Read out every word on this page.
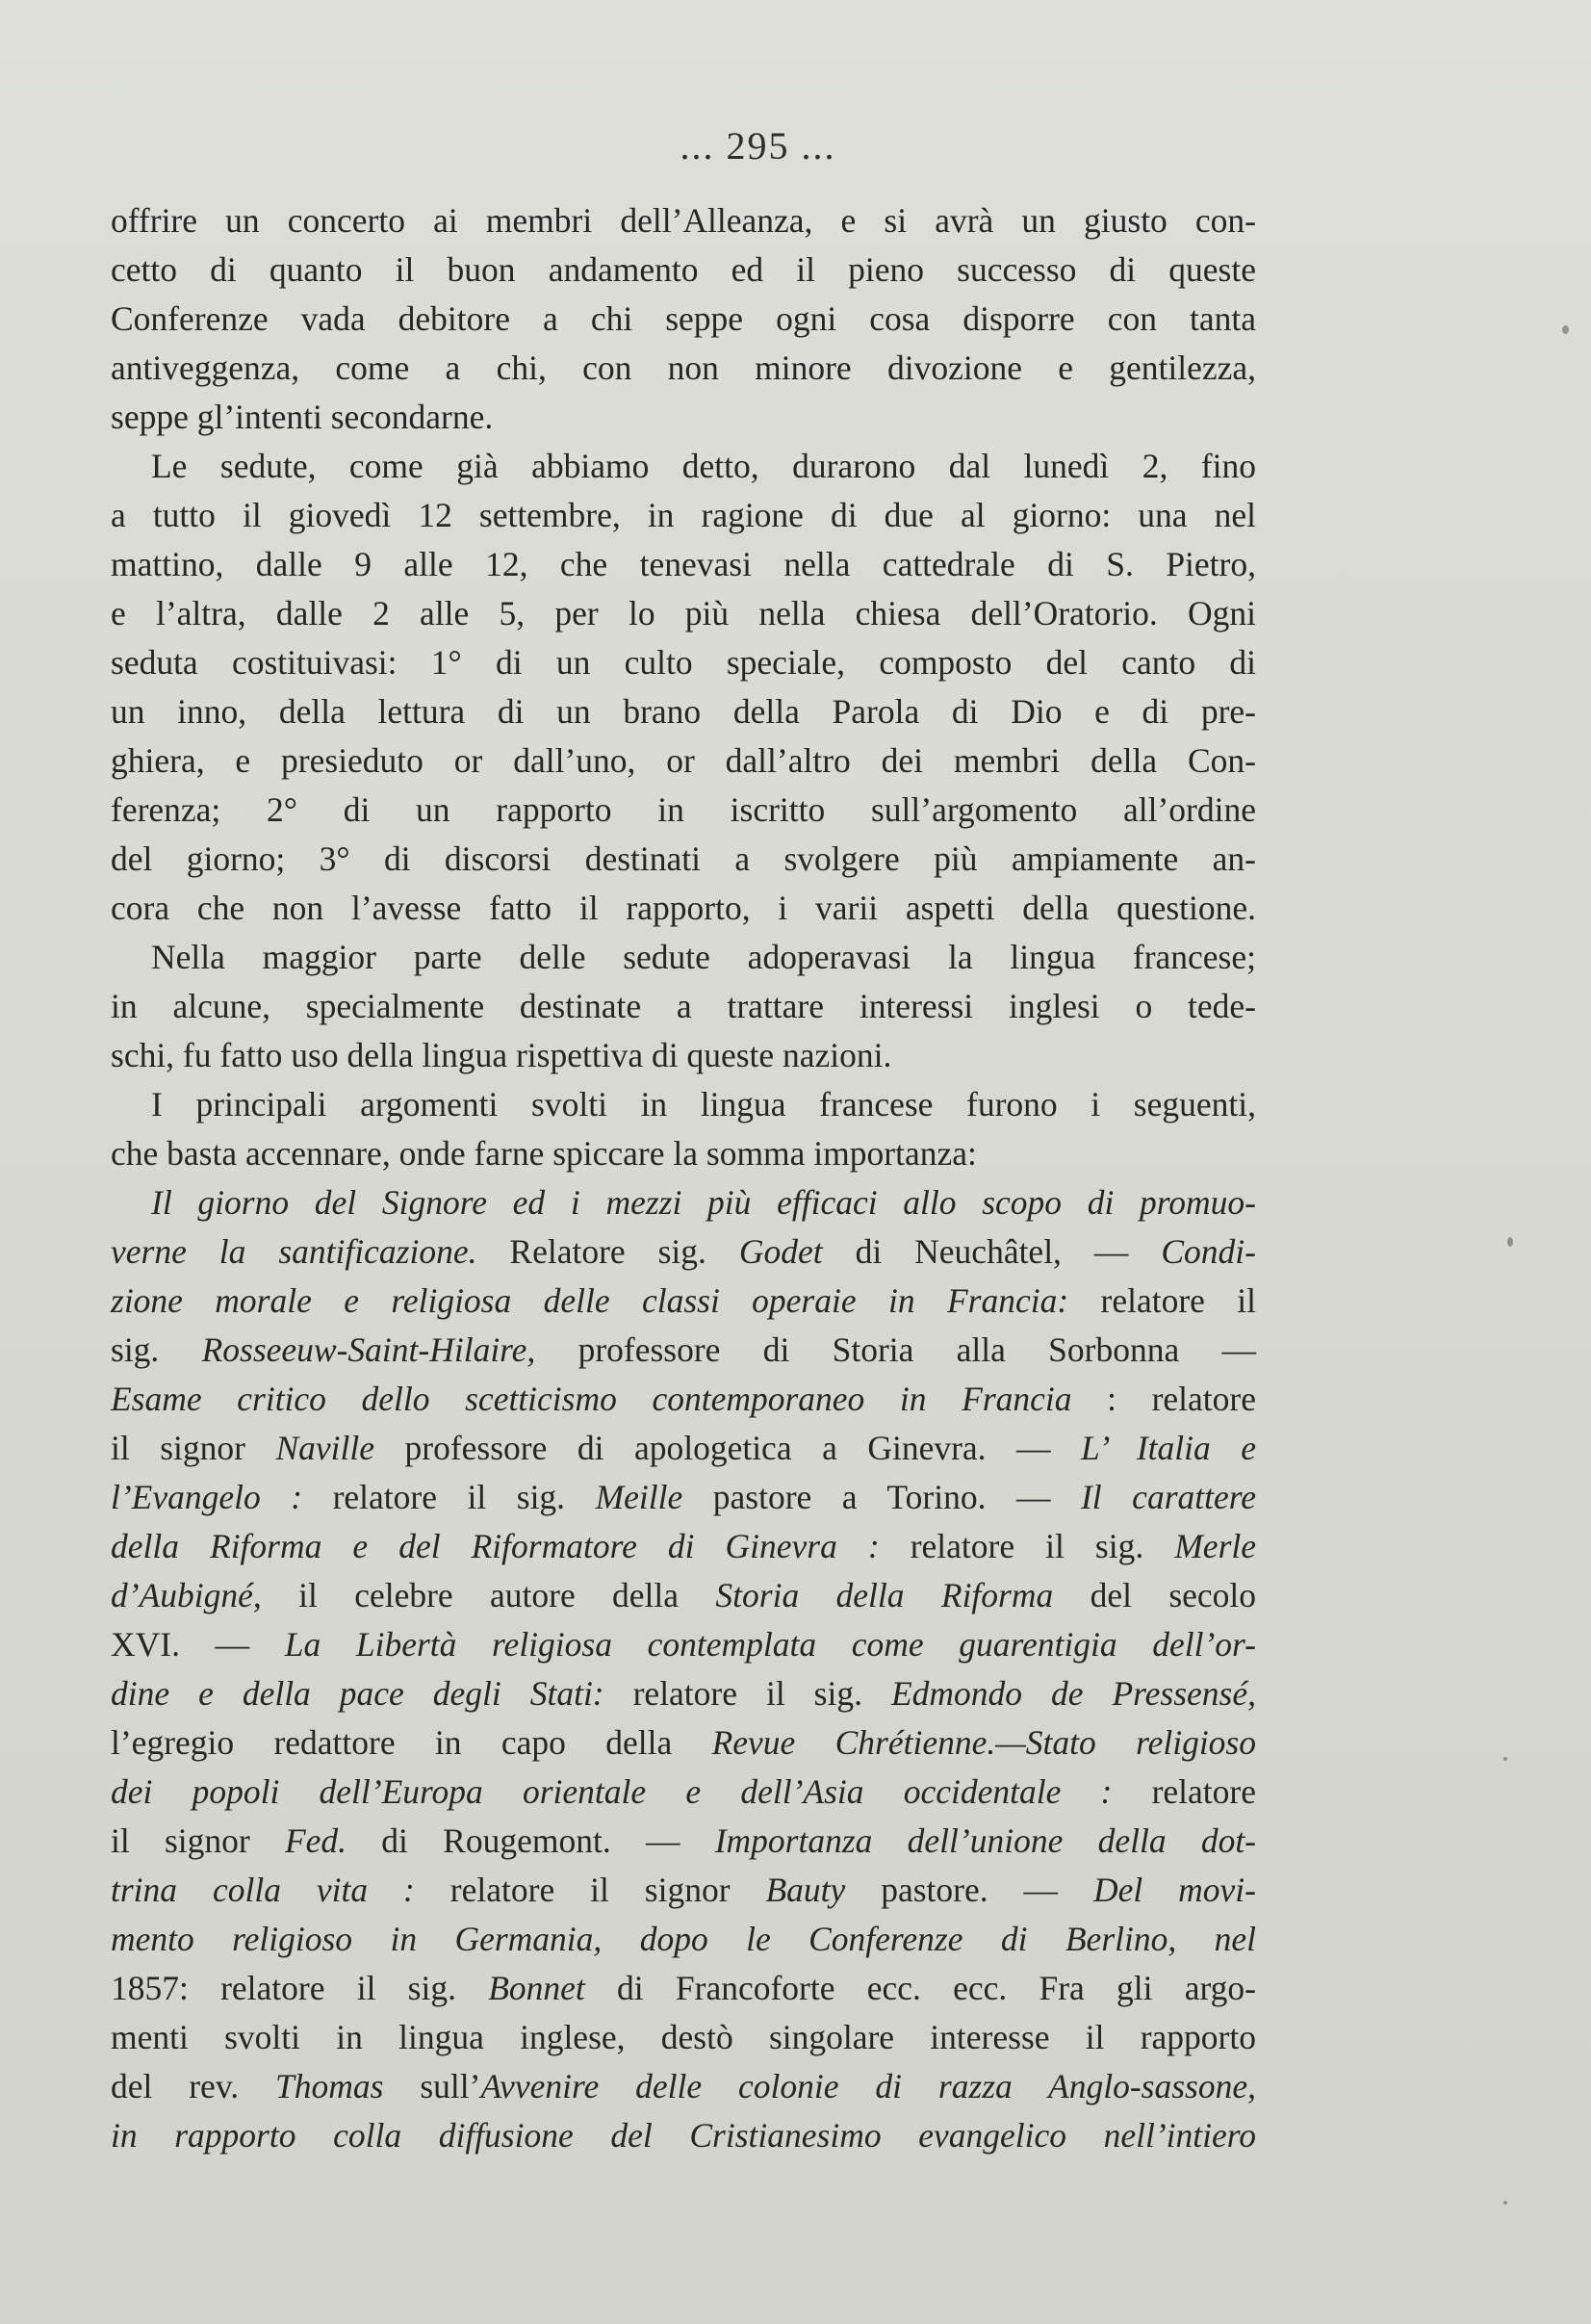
... 295 ...
offrire un concerto ai membri dell’Alleanza, e si avrà un giusto con-
cetto di quanto il buon andamento ed il pieno successo di queste
Conferenze vada debitore a chi seppe ogni cosa disporre con tanta
antiveggenza, come a chi, con non minore divozione e gentilezza,
seppe gl’intenti secondarne.
Le sedute, come già abbiamo detto, durarono dal lunedì 2, fino
a tutto il giovedì 12 settembre, in ragione di due al giorno: una nel
mattino, dalle 9 alle 12, che tenevasi nella cattedrale di S. Pietro,
e l’altra, dalle 2 alle 5, per lo più nella chiesa dell’Oratorio. Ogni
seduta costituivasi: 1° di un culto speciale, composto del canto di
un inno, della lettura di un brano della Parola di Dio e di pre-
ghiera, e presieduto or dall’uno, or dall’altro dei membri della Con-
ferenza; 2° di un rapporto in iscritto sull’argomento all’ordine
del giorno; 3° di discorsi destinati a svolgere più ampiamente an-
cora che non l’avesse fatto il rapporto, i varii aspetti della questione.
Nella maggior parte delle sedute adoperavasi la lingua francese;
in alcune, specialmente destinate a trattare interessi inglesi o tede-
schi, fu fatto uso della lingua rispettiva di queste nazioni.
I principali argomenti svolti in lingua francese furono i seguenti,
che basta accennare, onde farne spiccare la somma importanza:
Il giorno del Signore ed i mezzi più efficaci allo scopo di promuo-
verne la santificazione. Relatore sig. Godet di Neuchâtel, — Condi-
zione morale e religiosa delle classi operaie in Francia: relatore il
sig. Rosseeuw-Saint-Hilaire, professore di Storia alla Sorbonna —
Esame critico dello scetticismo contemporaneo in Francia : relatore
il signor Naville professore di apologetica a Ginevra. — L’ Italia e
l’Evangelo : relatore il sig. Meille pastore a Torino. — Il carattere
della Riforma e del Riformatore di Ginevra : relatore il sig. Merle
d’Aubigné, il celebre autore della Storia della Riforma del secolo
XVI. — La Libertà religiosa contemplata come guarentigia dell’or-
dine e della pace degli Stati: relatore il sig. Edmondo de Pressensé,
l’egregio redattore in capo della Revue Chrétienne.—Stato religioso
dei popoli dell’Europa orientale e dell’Asia occidentale : relatore
il signor Fed. di Rougemont. — Importanza dell’unione della dot-
trina colla vita : relatore il signor Bauty pastore. — Del movi-
mento religioso in Germania, dopo le Conferenze di Berlino, nel
1857: relatore il sig. Bonnet di Francoforte ecc. ecc. Fra gli argo-
menti svolti in lingua inglese, destò singolare interesse il rapporto
del rev. Thomas sull’Avvenire delle colonie di razza Anglo-sassone,
in rapporto colla diffusione del Cristianesimo evangelico nell’intiero
